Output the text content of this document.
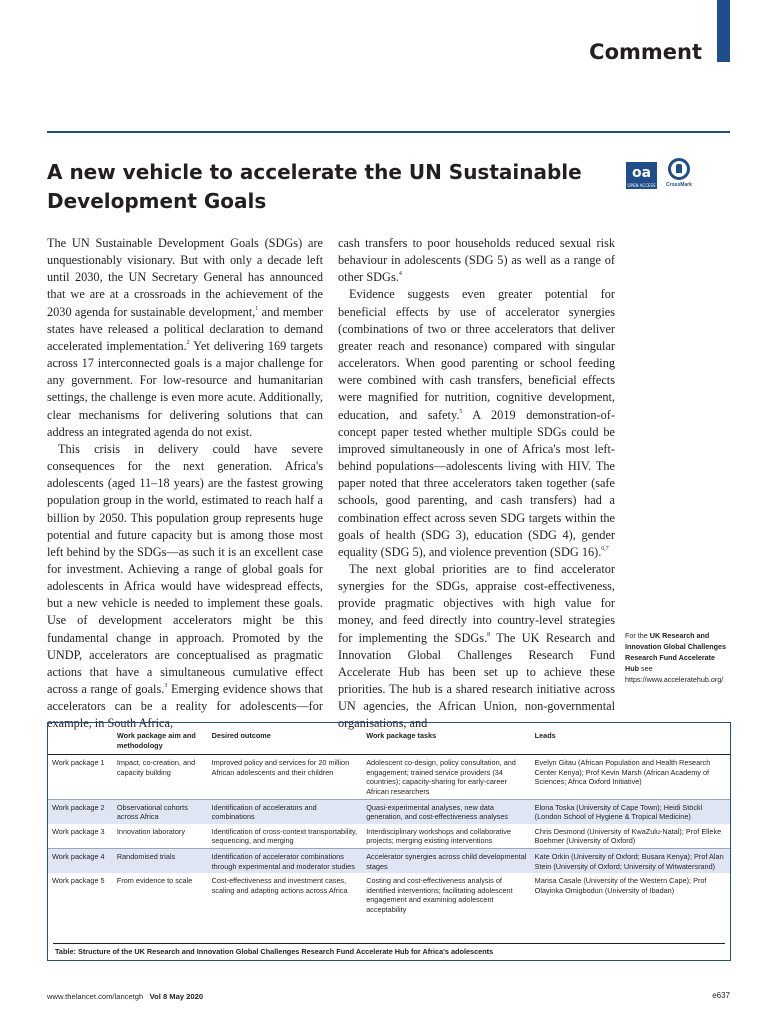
Comment
A new vehicle to accelerate the UN Sustainable Development Goals
oa
OPEN ACCESS	CrossMark

The UN Sustainable Development Goals (SDGs) are unquestionably visionary. But with only a decade left until 2030, the UN Secretary General has announced that we are at a crossroads in the achievement of the 2030 agenda for sustainable development,$^1$ and member states have released a political declaration to demand accelerated implementation.$^2$ Yet delivering 169 targets across 17 interconnected goals is a major challenge for any government. For low-resource and humanitarian settings, the challenge is even more acute. Additionally, clear mechanisms for delivering solutions that can address an integrated agenda do not exist.

This crisis in delivery could have severe consequences for the next generation. Africa's adolescents (aged 11–18 years) are the fastest growing population group in the world, estimated to reach half a billion by 2050. This population group represents huge potential and future capacity but is among those most left behind by the SDGs—as such it is an excellent case for investment. Achieving a range of global goals for adolescents in Africa would have widespread effects, but a new vehicle is needed to implement these goals. Use of development accelerators might be this fundamental change in approach. Promoted by the UNDP, accelerators are conceptualised as pragmatic actions that have a simultaneous cumulative effect across a range of goals.$^3$ Emerging evidence shows that accelerators can be a reality for adolescents—for example, in South Africa,

cash transfers to poor households reduced sexual risk behaviour in adolescents (SDG 5) as well as a range of other SDGs.$^4$

Evidence suggests even greater potential for beneficial effects by use of accelerator synergies (combinations of two or three accelerators that deliver greater reach and resonance) compared with singular accelerators. When good parenting or school feeding were combined with cash transfers, beneficial effects were magnified for nutrition, cognitive development, education, and safety.$^5$ A 2019 demonstration-of-concept paper tested whether multiple SDGs could be improved simultaneously in one of Africa's most left-behind populations—adolescents living with HIV. The paper noted that three accelerators taken together (safe schools, good parenting, and cash transfers) had a combination effect across seven SDG targets within the goals of health (SDG 3), education (SDG 4), gender equality (SDG 5), and violence prevention (SDG 16).$^{6,7}$

The next global priorities are to find accelerator synergies for the SDGs, appraise cost-effectiveness, provide pragmatic objectives with high value for money, and feed directly into country-level strategies for implementing the SDGs.$^8$ The UK Research and Innovation Global Challenges Research Fund Accelerate Hub has been set up to achieve these priorities. The hub is a shared research initiative across UN agencies, the African Union, non-governmental organisations, and

For the UK Research and Innovation Global Challenges Research Fund Accelerate Hub see https://www.acceleratehub.org/
	Work package aim and methodology	Desired outcome	Work package tasks	Leads
Work package 1	Impact, co-creation, and capacity building	Improved policy and services for 20 million African adolescents and their children	Adolescent co-design, policy consultation, and engagement; trained service providers (34 countries); capacity-sharing for early-career African researchers	Evelyn Gitau (African Population and Health Research Center Kenya); Prof Kevin Marsh (African Academy of Sciences; Africa Oxford Initiative)
Work package 2	Observational cohorts across Africa	Identification of accelerators and combinations	Quasi-experimental analyses, new data generation, and cost-effectiveness analyses	Elona Toska (University of Cape Town); Heidi Stöckl (London School of Hygiene & Tropical Medicine)
Work package 3	Innovation laboratory	Identification of cross-context transportability, sequencing, and merging	Interdisciplinary workshops and collaborative projects; merging existing interventions	Chris Desmond (University of KwaZulu-Natal); Prof Elleke Boehmer (University of Oxford)
Work package 4	Randomised trials	Identification of accelerator combinations through experimental and moderator studies	Accelerator synergies across child developmental stages	Kate Orkin (University of Oxford; Busara Kenya); Prof Alan Stein (University of Oxford; University of Witwatersrand)
Work package 5	From evidence to scale	Cost-effectiveness and investment cases, scaling and adapting actions across Africa	Costing and cost-effectiveness analysis of identified interventions; facilitating adolescent engagement and examining adolescent acceptability	Marisa Casale (University of the Western Cape); Prof Olayinka Omigbodun (University of Ibadan)
Table: Structure of the UK Research and Innovation Global Challenges Research Fund Accelerate Hub for Africa's adolescents
www.thelancet.com/lancetgh Vol 8 May 2020	e637
